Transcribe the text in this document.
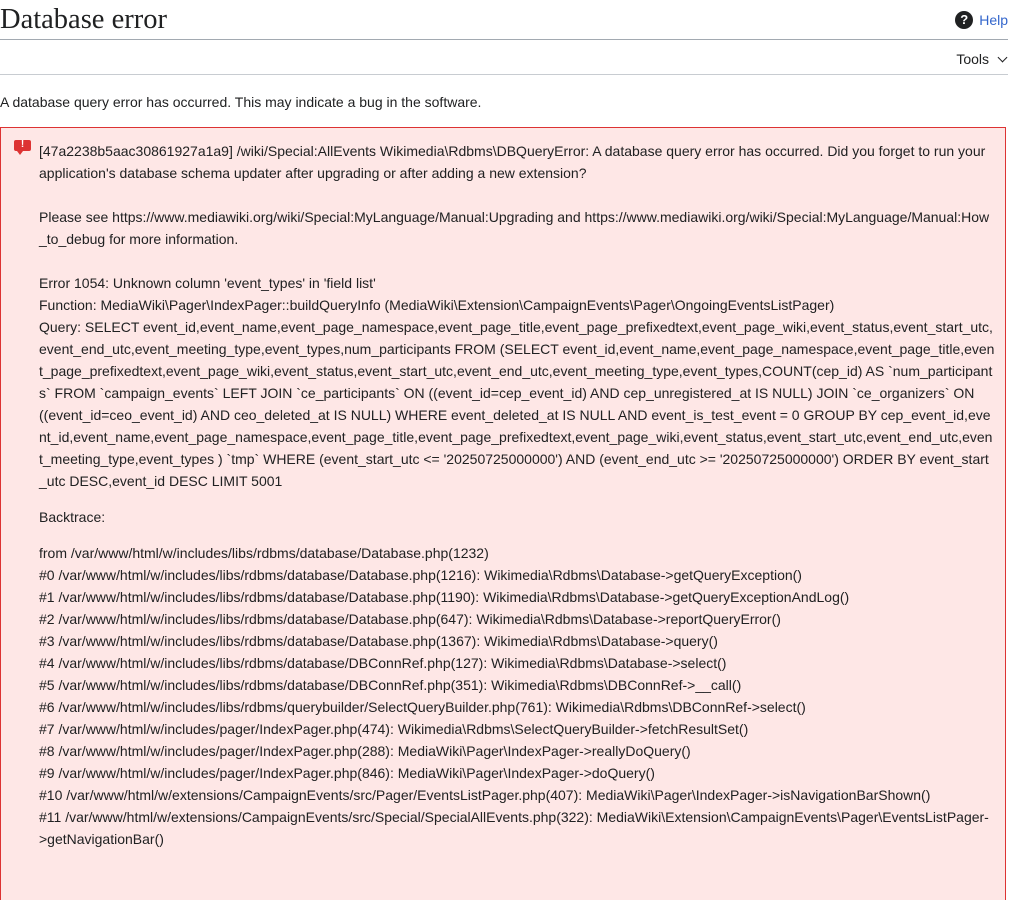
Database error	? Help
Tools

A database query error has occurred. This may indicate a bug in the software.

!	[47a2238b5aac30861927a1a9] /wiki/Special:AllEvents Wikimedia\Rdbms\DBQueryError: A database query error has occurred. Did you forget to run your application's database schema updater after upgrading or after adding a new extension?

Please see https://www.mediawiki.org/wiki/Special:MyLanguage/Manual:Upgrading and https://www.mediawiki.org/wiki/Special:MyLanguage/Manual:How_to_debug for more information.

Error 1054: Unknown column 'event_types' in 'field list'

Function: MediaWiki\Pager\IndexPager::buildQueryInfo (MediaWiki\Extension\CampaignEvents\Pager\OngoingEventsListPager)

Query: SELECT event_id,event_name,event_page_namespace,event_page_title,event_page_prefixedtext,event_page_wiki,event_status,event_start_utc,event_end_utc,event_meeting_type,event_types,num_participants FROM (SELECT event_id,event_name,event_page_namespace,event_page_title,event_page_prefixedtext,event_page_wiki,event_status,event_start_utc,event_end_utc,event_meeting_type,event_types,COUNT(cep_id) AS `num_participants` FROM `campaign_events` LEFT JOIN `ce_participants` ON ((event_id=cep_event_id) AND cep_unregistered_at IS NULL) JOIN `ce_organizers` ON ((event_id=ceo_event_id) AND ceo_deleted_at IS NULL) WHERE event_deleted_at IS NULL AND event_is_test_event = 0 GROUP BY cep_event_id,event_id,event_name,event_page_namespace,event_page_title,event_page_prefixedtext,event_page_wiki,event_status,event_start_utc,event_end_utc,event_meeting_type,event_types ) `tmp` WHERE (event_start_utc <= '20250725000000') AND (event_end_utc >= '20250725000000') ORDER BY event_start_utc DESC,event_id DESC LIMIT 5001

Backtrace:

from /var/www/html/w/includes/libs/rdbms/database/Database.php(1232)

#0 /var/www/html/w/includes/libs/rdbms/database/Database.php(1216): Wikimedia\Rdbms\Database->getQueryException()

#1 /var/www/html/w/includes/libs/rdbms/database/Database.php(1190): Wikimedia\Rdbms\Database->getQueryExceptionAndLog()

#2 /var/www/html/w/includes/libs/rdbms/database/Database.php(647): Wikimedia\Rdbms\Database->reportQueryError()

#3 /var/www/html/w/includes/libs/rdbms/database/Database.php(1367): Wikimedia\Rdbms\Database->query()

#4 /var/www/html/w/includes/libs/rdbms/database/DBConnRef.php(127): Wikimedia\Rdbms\Database->select()

#5 /var/www/html/w/includes/libs/rdbms/database/DBConnRef.php(351): Wikimedia\Rdbms\DBConnRef->__call()

#6 /var/www/html/w/includes/libs/rdbms/querybuilder/SelectQueryBuilder.php(761): Wikimedia\Rdbms\DBConnRef->select()

#7 /var/www/html/w/includes/pager/IndexPager.php(474): Wikimedia\Rdbms\SelectQueryBuilder->fetchResultSet()

#8 /var/www/html/w/includes/pager/IndexPager.php(288): MediaWiki\Pager\IndexPager->reallyDoQuery()

#9 /var/www/html/w/includes/pager/IndexPager.php(846): MediaWiki\Pager\IndexPager->doQuery()

#10 /var/www/html/w/extensions/CampaignEvents/src/Pager/EventsListPager.php(407): MediaWiki\Pager\IndexPager->isNavigationBarShown()

#11 /var/www/html/w/extensions/CampaignEvents/src/Special/SpecialAllEvents.php(322): MediaWiki\Extension\CampaignEvents\Pager\EventsListPager->getNavigationBar()
